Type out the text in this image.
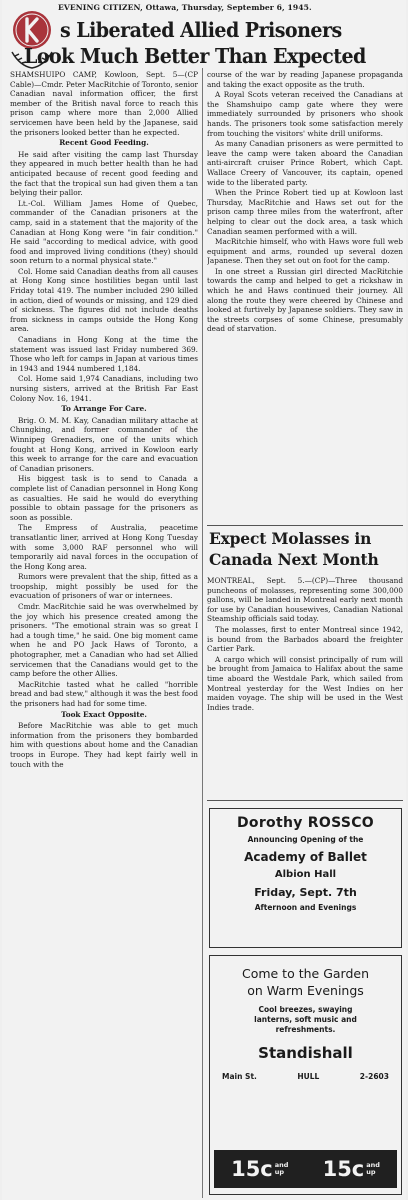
EVENING CITIZEN, Ottawa, Thursday, September 6, 1945.
s Liberated Allied Prisoners
Look Much Better Than Expected

SHAMSHUIPO CAMP, Kowloon, Sept. 5—(CP Cable)—Cmdr. Peter MacRitchie of Toronto, senior Canadian naval information officer, the first member of the British naval force to reach this prison camp where more than 2,000 Allied servicemen have been held by the Japanese, said the prisoners looked better than he expected.

Recent Good Feeding.

He said after visiting the camp last Thursday they appeared in much better health than he had anticipated because of recent good feeding and the fact that the tropical sun had given them a tan belying their pallor.

Lt.-Col. William James Home of Quebec, commander of the Canadian prisoners at the camp, said in a statement that the majority of the Canadian at Hong Kong were "in fair condition." He said "according to medical advice, with good food and improved living conditions (they) should soon return to a normal physical state."

Col. Home said Canadian deaths from all causes at Hong Kong since hostilities began until last Friday total 419. The number included 290 killed in action, died of wounds or missing, and 129 died of sickness. The figures did not include deaths from sickness in camps outside the Hong Kong area.

Canadians in Hong Kong at the time the statement was issued last Friday numbered 369. Those who left for camps in Japan at various times in 1943 and 1944 numbered 1,184.

Col. Home said 1,974 Canadians, including two nursing sisters, arrived at the British Far East Colony Nov. 16, 1941.

To Arrange For Care.

Brig. O. M. M. Kay, Canadian military attache at Chungking, and former commander of the Winnipeg Grenadiers, one of the units which fought at Hong Kong, arrived in Kowloon early this week to arrange for the care and evacuation of Canadian prisoners.

His biggest task is to send to Canada a complete list of Canadian personnel in Hong Kong as casualties. He said he would do everything possible to obtain passage for the prisoners as soon as possible.

The Empress of Australia, peacetime transatlantic liner, arrived at Hong Kong Tuesday with some 3,000 RAF personnel who will temporarily aid naval forces in the occupation of the Hong Kong area.

Rumors were prevalent that the ship, fitted as a troopship, might possibly be used for the evacuation of prisoners of war or internees.

Cmdr. MacRitchie said he was overwhelmed by the joy which his presence created among the prisoners. "The emotional strain was so great I had a tough time," he said. One big moment came when he and PO Jack Haws of Toronto, a photographer, met a Canadian who had set Allied servicemen that the Canadians would get to the camp before the other Allies.

MacRitchie tasted what he called "horrible bread and bad stew," although it was the best food the prisoners had had for some time.

Took Exact Opposite.

Before MacRitchie was able to get much information from the prisoners they bombarded him with questions about home and the Canadian troops in Europe. They had kept fairly well in touch with the

course of the war by reading Japanese propaganda and taking the exact opposite as the truth.

A Royal Scots veteran received the Canadians at the Shamshuipo camp gate where they were immediately surrounded by prisoners who shook hands. The prisoners took some satisfaction merely from touching the visitors' white drill uniforms.

As many Canadian prisoners as were permitted to leave the camp were taken aboard the Canadian anti-aircraft cruiser Prince Robert, which Capt. Wallace Creery of Vancouver, its captain, opened wide to the liberated party.

When the Prince Robert tied up at Kowloon last Thursday, MacRitchie and Haws set out for the prison camp three miles from the waterfront, after helping to clear out the dock area, a task which Canadian seamen performed with a will.

MacRitchie himself, who with Haws wore full web equipment and arms, rounded up several dozen Japanese. Then they set out on foot for the camp.

In one street a Russian girl directed MacRitchie towards the camp and helped to get a rickshaw in which he and Haws continued their journey. All along the route they were cheered by Chinese and looked at furtively by Japanese soldiers. They saw in the streets corpses of some Chinese, presumably dead of starvation.

Expect Molasses in
Canada Next Month

MONTREAL, Sept. 5.—(CP)—Three thousand puncheons of molasses, representing some 300,000 gallons, will be landed in Montreal early next month for use by Canadian housewives, Canadian National Steamship officials said today.

The molasses, first to enter Montreal since 1942, is bound from the Barbados aboard the freighter Cartier Park.

A cargo which will consist principally of rum will be brought from Jamaica to Halifax about the same time aboard the Westdale Park, which sailed from Montreal yesterday for the West Indies on her maiden voyage. The ship will be used in the West Indies trade.

Dorothy ROSSCO
Announcing Opening of the
Academy of Ballet
Albion Hall
Friday, Sept. 7th
Afternoon and Evenings
Come to the Garden
on Warm Evenings
Cool breezes, swaying
lanterns, soft music and
refreshments.
Standishall
Main St.	HULL	2-2603
15c and
up 15c and
up
